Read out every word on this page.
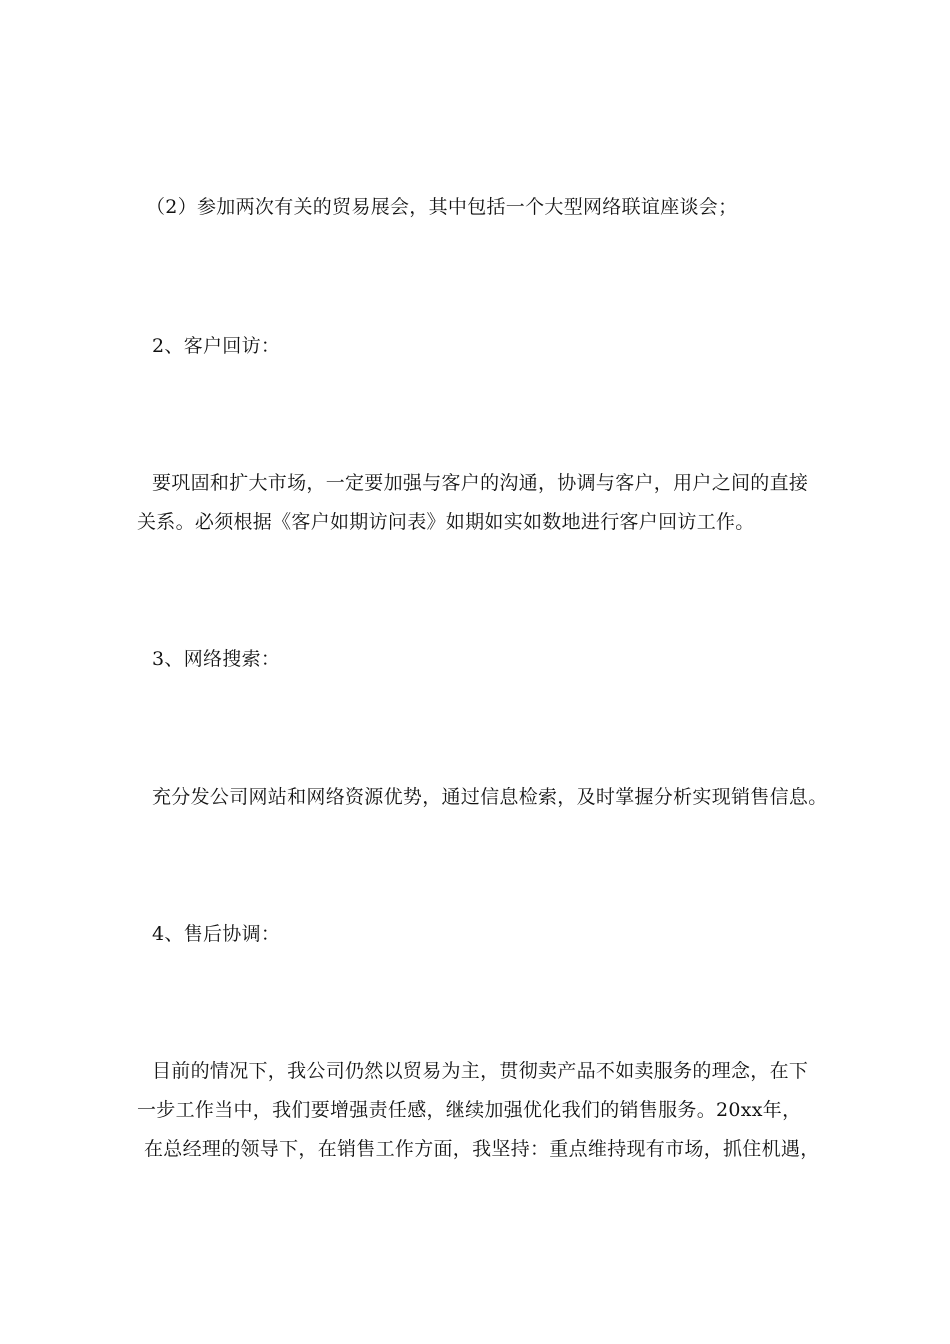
（2）参加两次有关的贸易展会，其中包括一个大型网络联谊座谈会；
2、客户回访：
要巩固和扩大市场，一定要加强与客户的沟通，协调与客户，用户之间的直接
关系。必须根据《客户如期访问表》如期如实如数地进行客户回访工作。
3、网络搜索：
充分发公司网站和网络资源优势，通过信息检索，及时掌握分析实现销售信息。
4、售后协调：
目前的情况下，我公司仍然以贸易为主，贯彻卖产品不如卖服务的理念，在下
一步工作当中，我们要增强责任感，继续加强优化我们的销售服务。20xx年，
在总经理的领导下，在销售工作方面，我坚持：重点维持现有市场，抓住机遇，
